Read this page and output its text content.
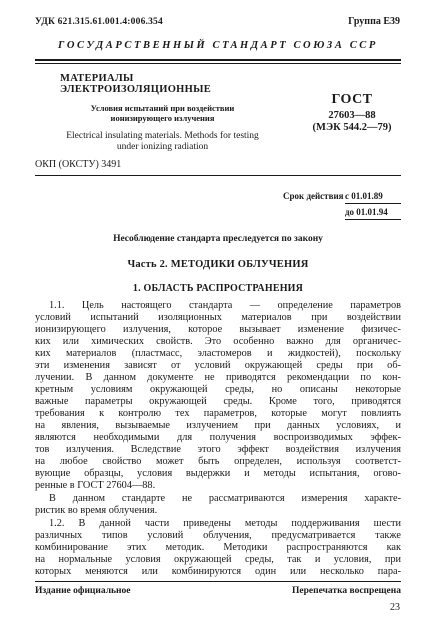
УДК 621.315.61.001.4:006.354	Группа Е39
ГОСУДАРСТВЕННЫЙ СТАНДАРТ СОЮЗА ССР
МАТЕРИАЛЫ ЭЛЕКТРОИЗОЛЯЦИОННЫЕ
Условия испытаний при воздействии ионизирующего излучения
Electrical insulating materials. Methods for testing under ionizing radiation
ГОСТ
27603—88
(МЭК 544.2—79)
ОКП (ОКСТУ) 3491
Срок действия с 01.01.89
до 01.01.94
Несоблюдение стандарта преследуется по закону
Часть 2. МЕТОДИКИ ОБЛУЧЕНИЯ
1. ОБЛАСТЬ РАСПРОСТРАНЕНИЯ
1.1. Цель настоящего стандарта — определение параметров
условий испытаний изоляционных материалов при воздействии
ионизирующего излучения, которое вызывает изменение физичес-
ких или химических свойств. Это особенно важно для органичес-
ких материалов (пластмасс, эластомеров и жидкостей), поскольку
эти изменения зависят от условий окружающей среды при об-
лучении. В данном документе не приводятся рекомендации по кон-
кретным условиям окружающей среды, но описаны некоторые
важные параметры окружающей среды. Кроме того, приводятся
требования к контролю тех параметров, которые могут повлиять
на явления, вызываемые излучением при данных условиях, и
являются необходимыми для получения воспроизводимых эффек-
тов излучения. Вследствие этого эффект воздействия излучения
на любое свойство может быть определен, используя соответст-
вующие образцы, условия выдержки и методы испытания, огово-
ренные в ГОСТ 27604—88.
В данном стандарте не рассматриваются измерения характе-
ристик во время облучения.
1.2. В данной части приведены методы поддерживания шести
различных типов условий облучения, предусматривается также
комбинирование этих методик. Методики распространяются как
на нормальные условия окружающей среды, так и условия, при
которых меняются или комбинируются один или несколько пара-
Издание официальное	Перепечатка воспрещена
23
